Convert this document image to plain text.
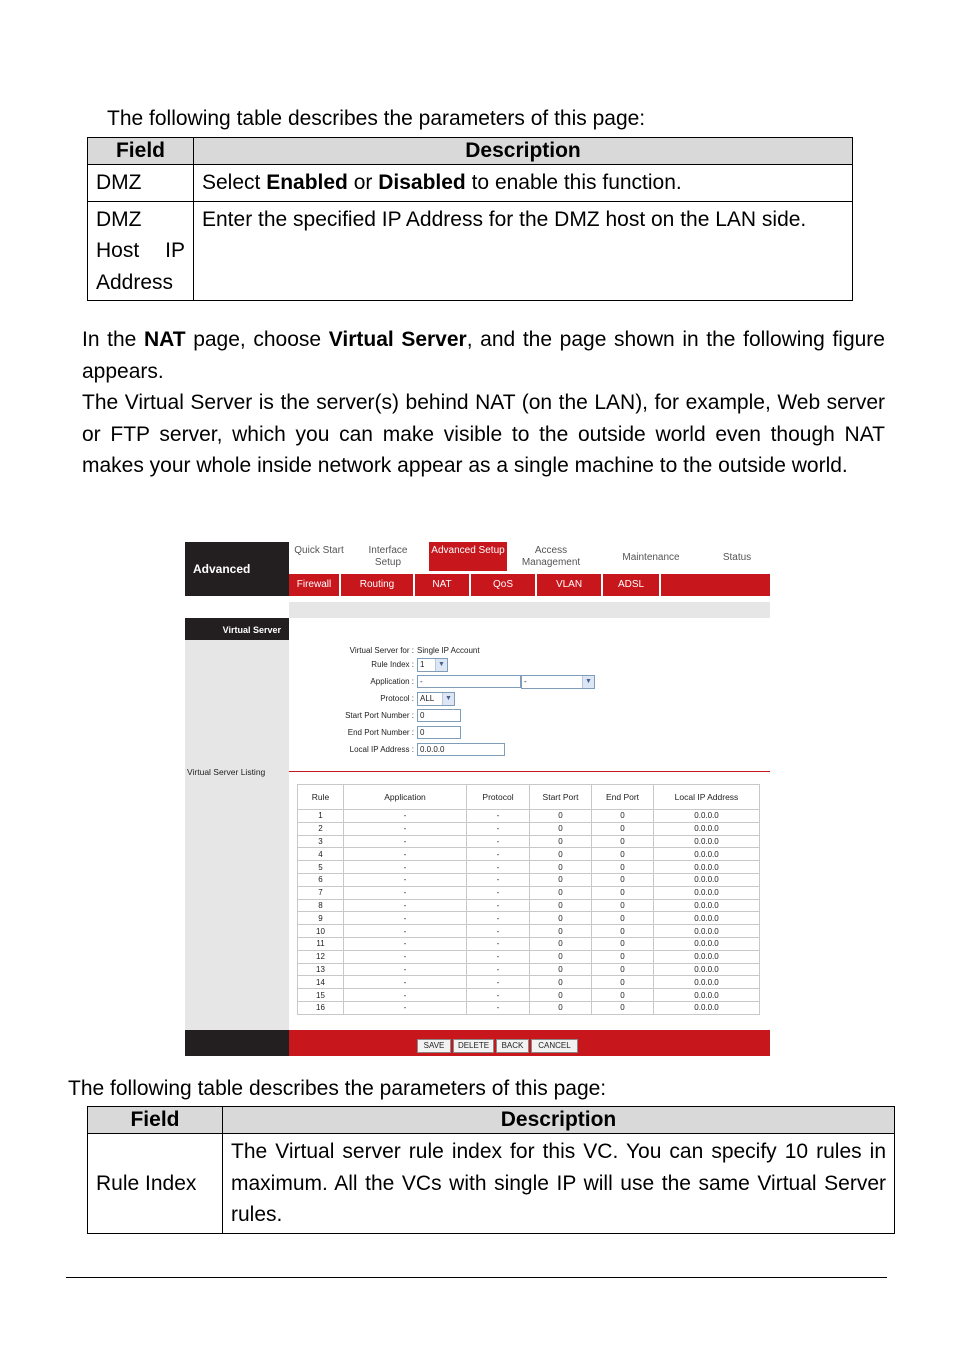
The following table describes the parameters of this page:
Field	Description
DMZ	Select Enabled or Disabled to enable this function.
DMZ Host IP Address	Enter the specified IP Address for the DMZ host on the LAN side.
In the NAT page, choose Virtual Server, and the page shown in the following figure appears.
The Virtual Server is the server(s) behind NAT (on the LAN), for example, Web server or FTP server, which you can make visible to the outside world even though NAT makes your whole inside network appear as a single machine to the outside world.
Advanced
Quick Start	Interface Setup
Advanced Setup	Access Management	Maintenance	Status
Firewall	Routing	NAT	QoS	VLAN	ADSL
Virtual Server
Virtual Server for : Single IP Account
Rule Index : 1	▼
Application : -	-	▼
Protocol : ALL	▼
Start Port Number : 0
End Port Number : 0
Local IP Address : 0.0.0.0
Virtual Server Listing
Rule	Application	Protocol	Start Port	End Port	Local IP Address
1	-	-	0	0	0.0.0.0
2	-	-	0	0	0.0.0.0
3	-	-	0	0	0.0.0.0
4	-	-	0	0	0.0.0.0
5	-	-	0	0	0.0.0.0
6	-	-	0	0	0.0.0.0
7	-	-	0	0	0.0.0.0
8	-	-	0	0	0.0.0.0
9	-	-	0	0	0.0.0.0
10	-	-	0	0	0.0.0.0
11	-	-	0	0	0.0.0.0
12	-	-	0	0	0.0.0.0
13	-	-	0	0	0.0.0.0
14	-	-	0	0	0.0.0.0
15	-	-	0	0	0.0.0.0
16	-	-	0	0	0.0.0.0
SAVE	DELETE	BACK	CANCEL
The following table describes the parameters of this page:
Field	Description
Rule Index	The Virtual server rule index for this VC. You can specify 10 rules in maximum. All the VCs with single IP will use the same Virtual Server rules.
